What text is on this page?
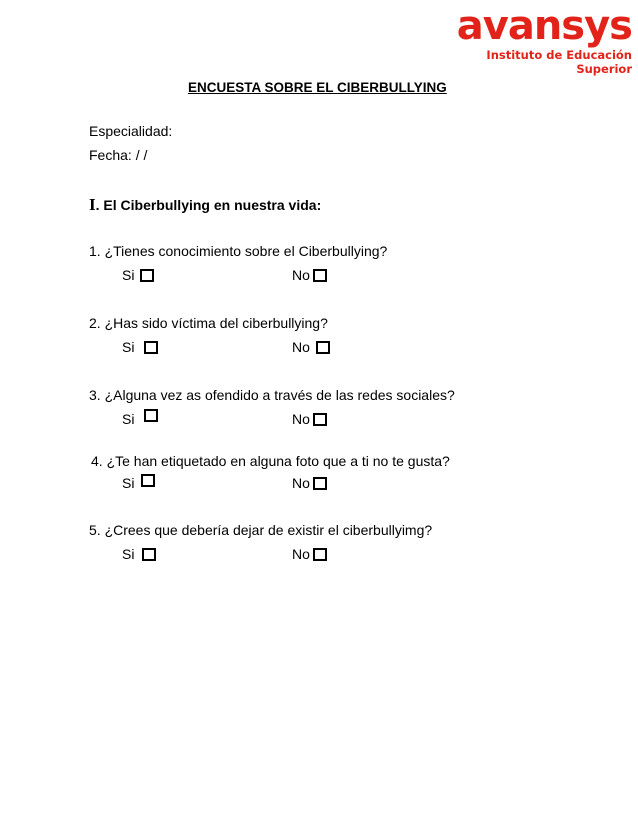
avansys
Instituto de Educación Superior
ENCUESTA SOBRE EL CIBERBULLYING
Especialidad:
Fecha: / /
I. El Ciberbullying en nuestra vida:
1. ¿Tienes conocimiento sobre el Ciberbullying?
Si	No
2. ¿Has sido víctima del ciberbullying?
Si	No
3. ¿Alguna vez as ofendido a través de las redes sociales?
Si	No
4. ¿Te han etiquetado en alguna foto que a ti no te gusta?
Si	No
5. ¿Crees que debería dejar de existir el ciberbullyimg?
Si	No
